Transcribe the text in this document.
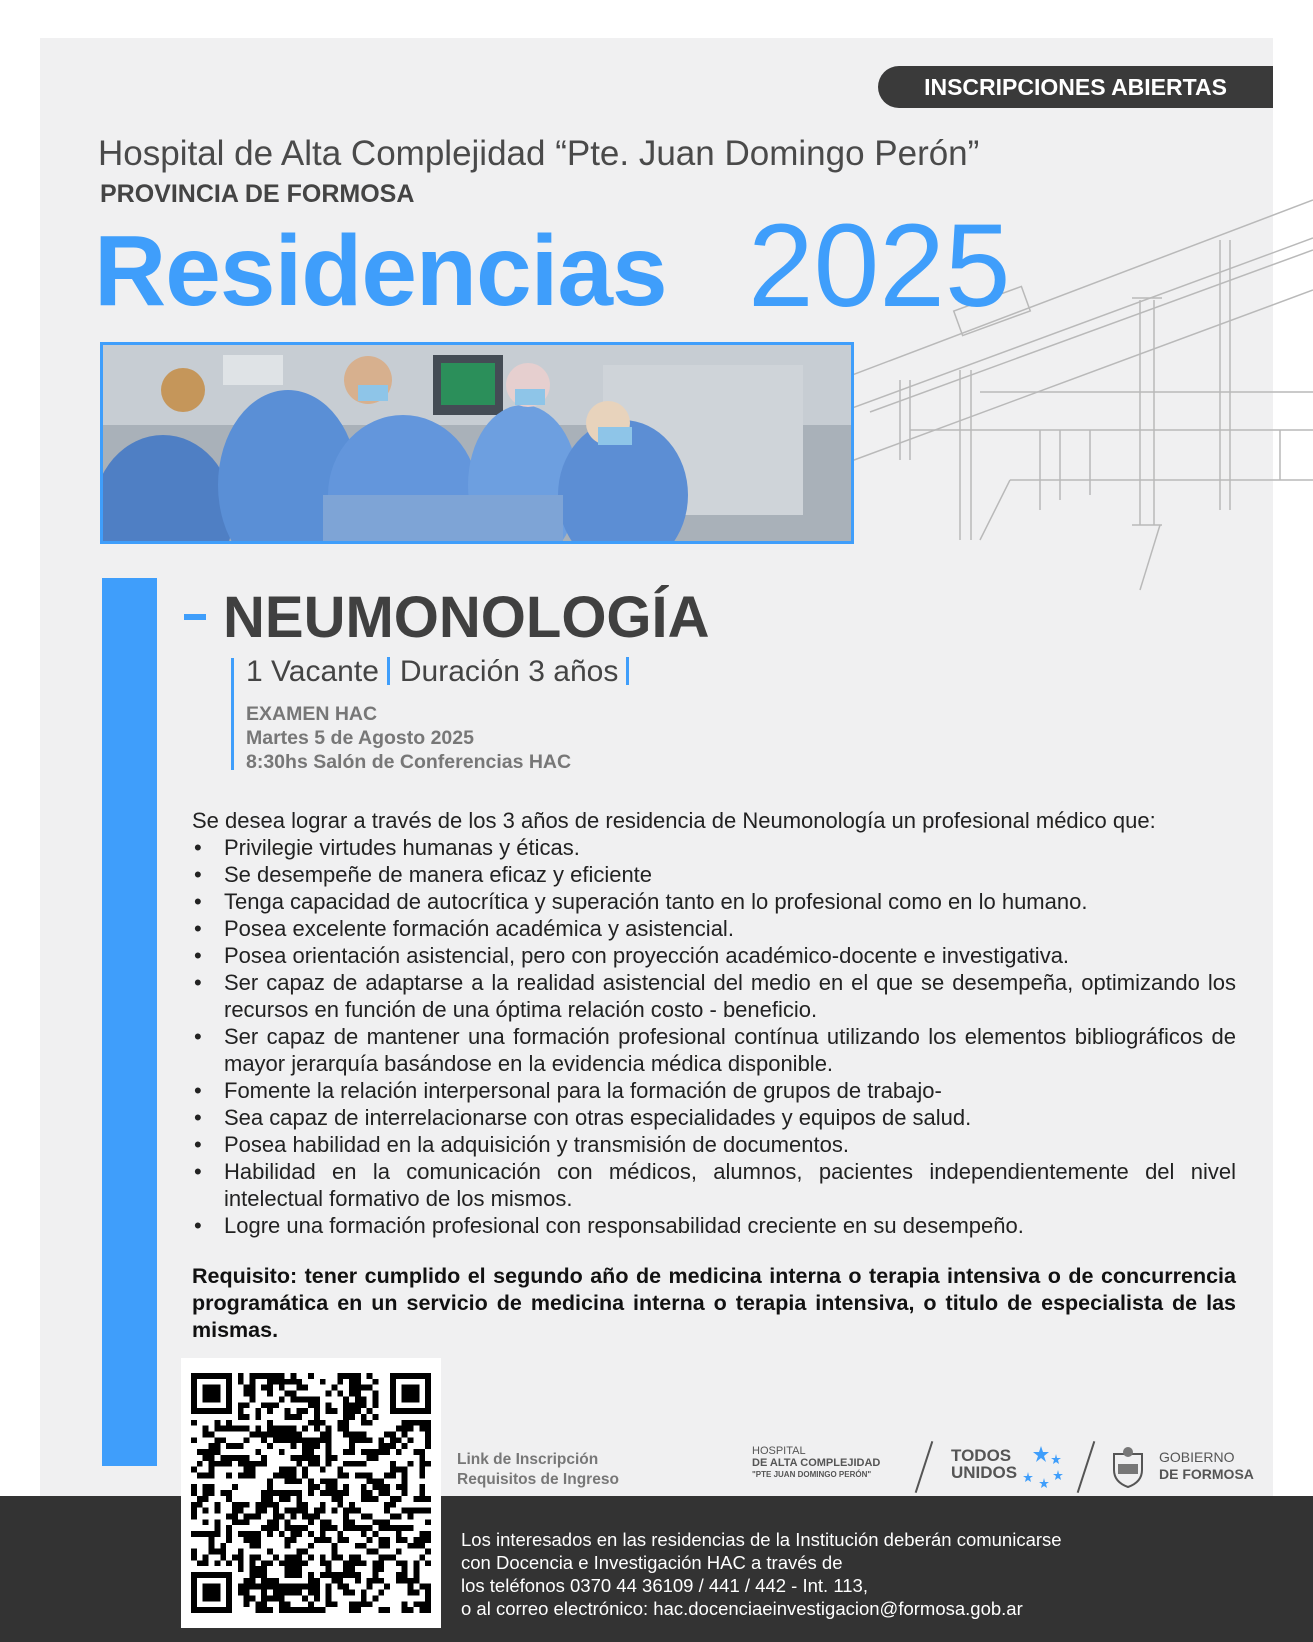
INSCRIPCIONES ABIERTAS
Hospital de Alta Complejidad “Pte. Juan Domingo Perón”
PROVINCIA DE FORMOSA
Residencias 2025
NEUMONOLOGÍA
1 Vacante Duración 3 años
EXAMEN HAC
Martes 5 de Agosto 2025
8:30hs Salón de Conferencias HAC
Se desea lograr a través de los 3 años de residencia de Neumonología un profesional médico que:
• Privilegie virtudes humanas y éticas.
• Se desempeñe de manera eficaz y eficiente
• Tenga capacidad de autocrítica y superación tanto en lo profesional como en lo humano.
• Posea excelente formación académica y asistencial.
• Posea orientación asistencial, pero con proyección académico-docente e investigativa.
• Ser capaz de adaptarse a la realidad asistencial del medio en el que se desempeña, optimizando los recursos en función de una óptima relación costo - beneficio.
• Ser capaz de mantener una formación profesional contínua utilizando los elementos bibliográficos de mayor jerarquía basándose en la evidencia médica disponible.
• Fomente la relación interpersonal para la formación de grupos de trabajo-
• Sea capaz de interrelacionarse con otras especialidades y equipos de salud.
• Posea habilidad en la adquisición y transmisión de documentos.
• Habilidad en la comunicación con médicos, alumnos, pacientes independientemente del nivel intelectual formativo de los mismos.
• Logre una formación profesional con responsabilidad creciente en su desempeño.
Requisito: tener cumplido el segundo año de medicina interna o terapia intensiva o de concurrencia programática en un servicio de medicina interna o terapia intensiva, o titulo de especialista de las mismas.
Los interesados en las residencias de la Institución deberán comunicarse
con Docencia e Investigación HAC a través de
los teléfonos 0370 44 36109 / 441 / 442 - Int. 113,
o al correo electrónico: hac.docenciaeinvestigacion@formosa.gob.ar
Link de Inscripción
Requisitos de Ingreso
HOSPITAL
DE ALTA COMPLEJIDAD
"PTE JUAN DOMINGO PERÓN"
TODOS
UNIDOS
GOBIERNO
DE FORMOSA
